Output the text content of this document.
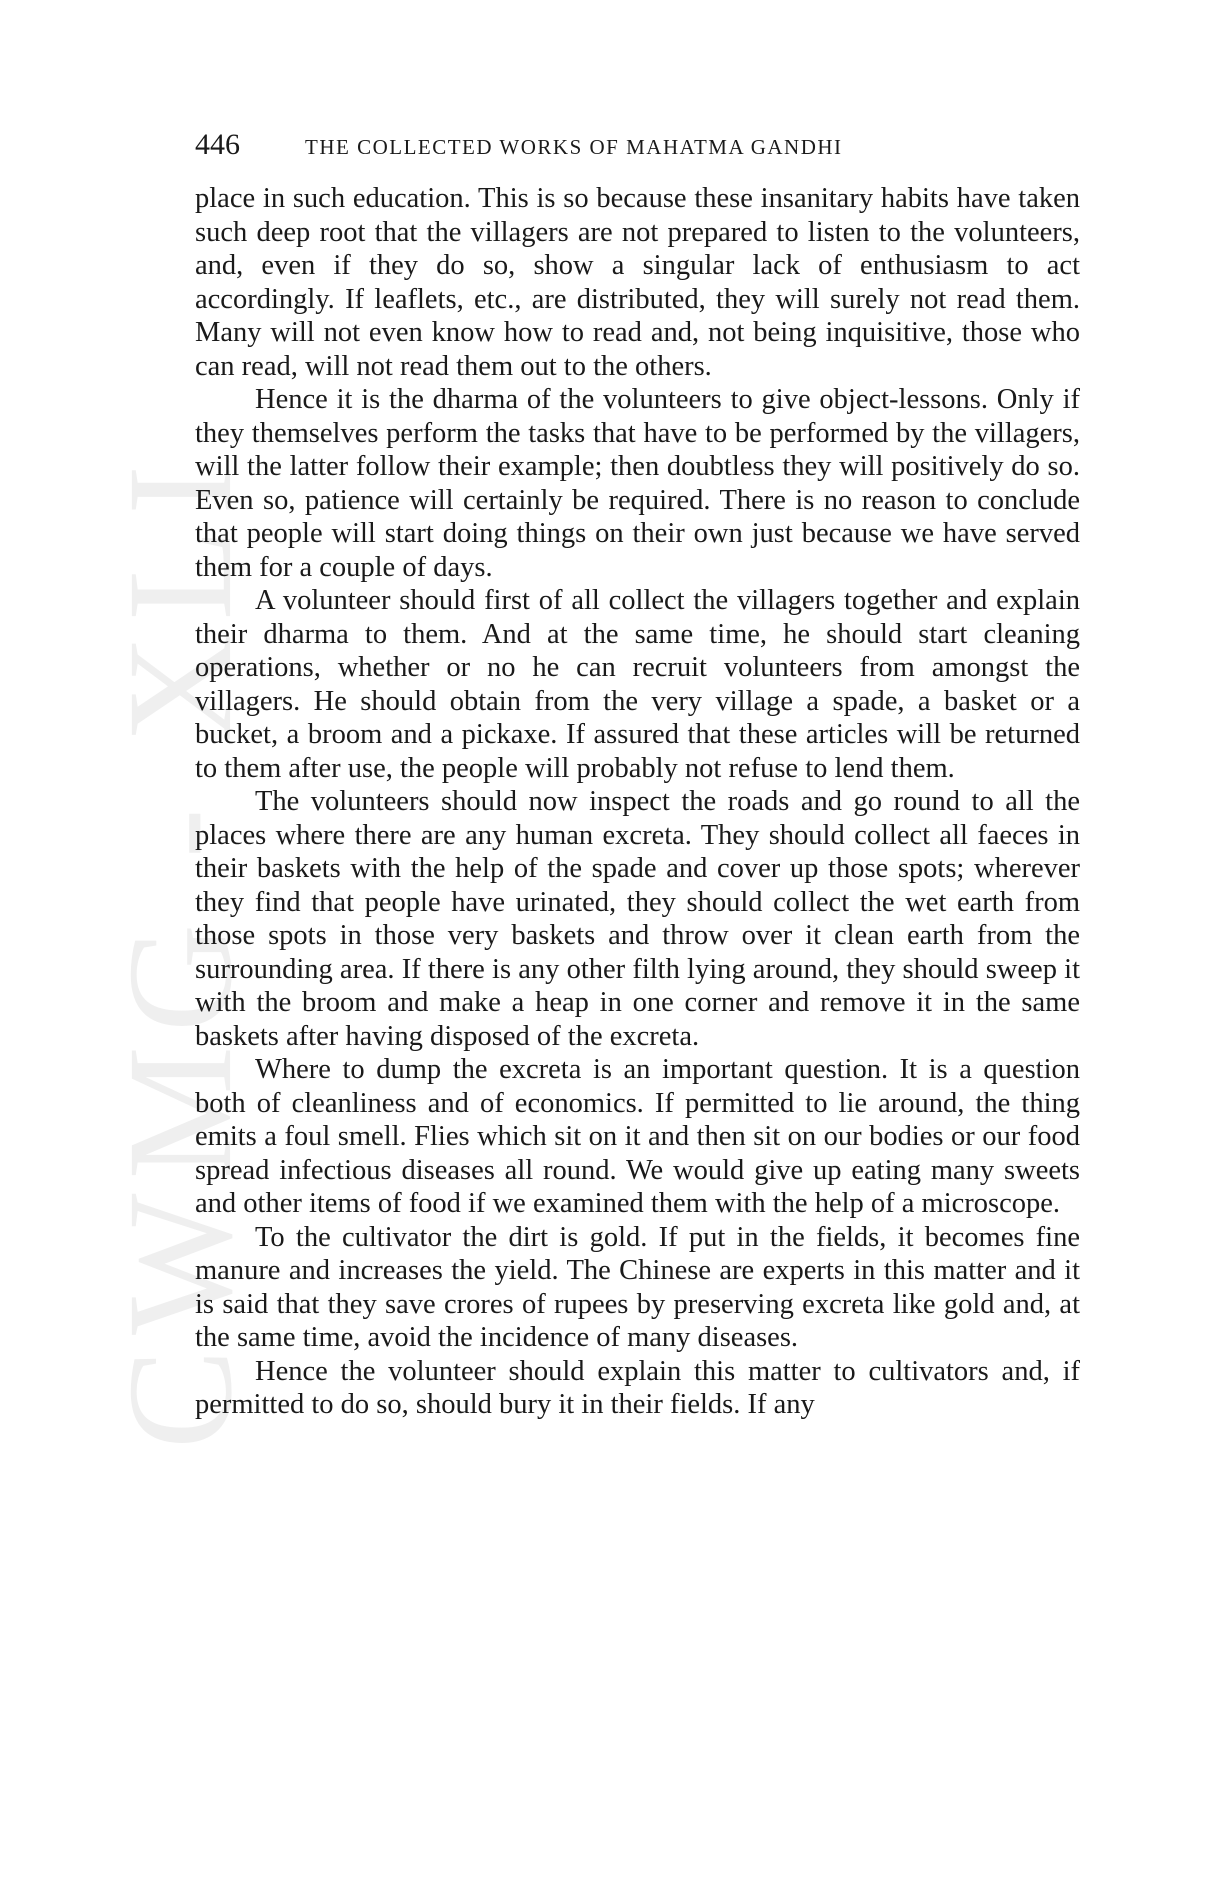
CWMG - XLI
446	THE COLLECTED WORKS OF MAHATMA GANDHI

place in such education. This is so because these insanitary habits have taken such deep root that the villagers are not prepared to listen to the volunteers, and, even if they do so, show a singular lack of enthusiasm to act accordingly. If leaflets, etc., are distributed, they will surely not read them. Many will not even know how to read and, not being inquisitive, those who can read, will not read them out to the others.

Hence it is the dharma of the volunteers to give object-lessons. Only if they themselves perform the tasks that have to be performed by the villagers, will the latter follow their example; then doubtless they will positively do so. Even so, patience will certainly be required. There is no reason to conclude that people will start doing things on their own just because we have served them for a couple of days.

A volunteer should first of all collect the villagers together and explain their dharma to them. And at the same time, he should start cleaning operations, whether or no he can recruit volunteers from amongst the villagers. He should obtain from the very village a spade, a basket or a bucket, a broom and a pickaxe. If assured that these articles will be returned to them after use, the people will probably not refuse to lend them.

The volunteers should now inspect the roads and go round to all the places where there are any human excreta. They should collect all faeces in their baskets with the help of the spade and cover up those spots; wherever they find that people have urinated, they should collect the wet earth from those spots in those very baskets and throw over it clean earth from the surrounding area. If there is any other filth lying around, they should sweep it with the broom and make a heap in one corner and remove it in the same baskets after having disposed of the excreta.

Where to dump the excreta is an important question. It is a question both of cleanliness and of economics. If permitted to lie around, the thing emits a foul smell. Flies which sit on it and then sit on our bodies or our food spread infectious diseases all round. We would give up eating many sweets and other items of food if we examined them with the help of a microscope.

To the cultivator the dirt is gold. If put in the fields, it becomes fine manure and increases the yield. The Chinese are experts in this matter and it is said that they save crores of rupees by preserving excreta like gold and, at the same time, avoid the incidence of many diseases.

Hence the volunteer should explain this matter to cultivators and, if permitted to do so, should bury it in their fields. If any
